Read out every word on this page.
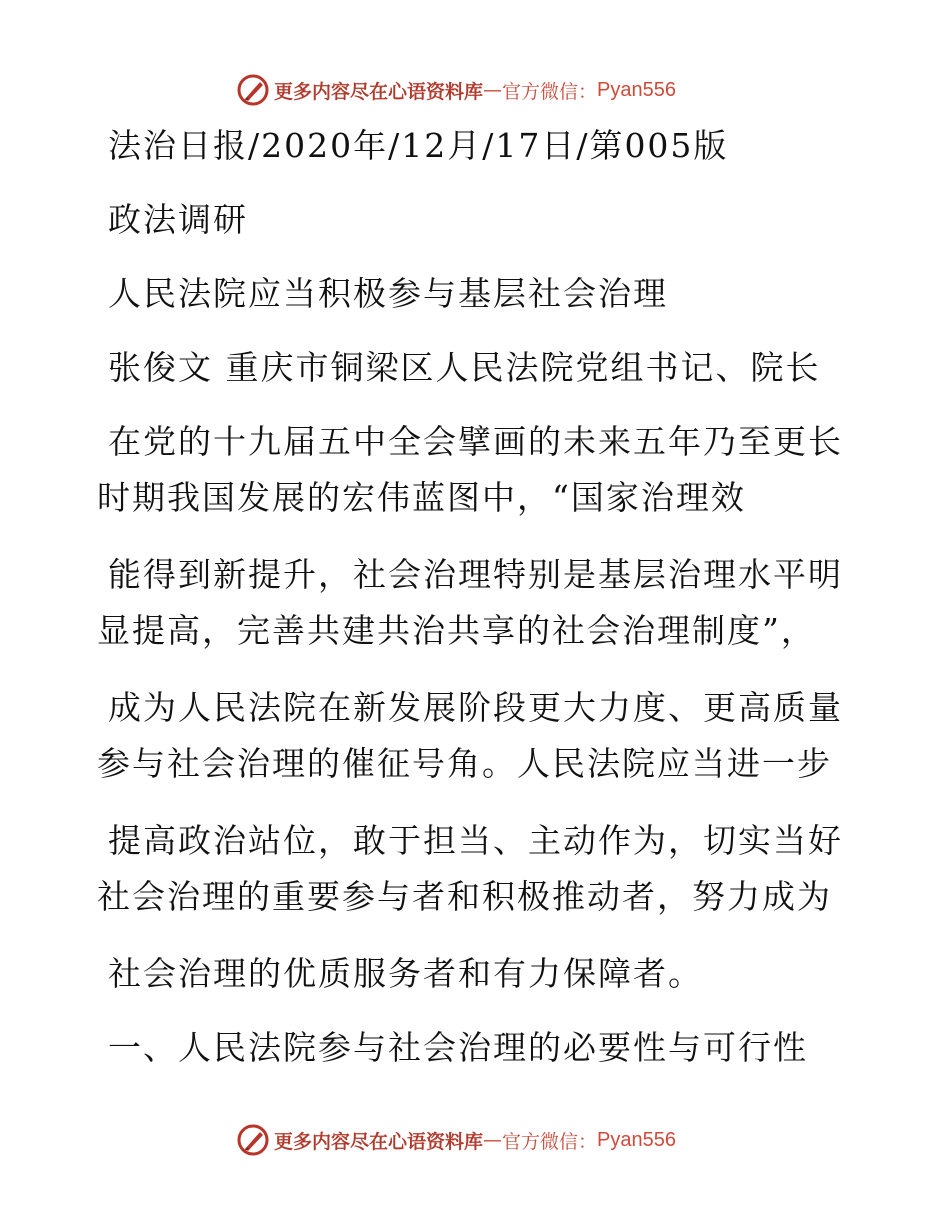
更多内容尽在心语资料库 — 官方微信： Pyan556
法治日报/2020年/12月/17日/第005版
政法调研
人民法院应当积极参与基层社会治理
张俊文 重庆市铜梁区人民法院党组书记、院长
在党的十九届五中全会擘画的未来五年乃至更长
时期我国发展的宏伟蓝图中，“国家治理效
能得到新提升，社会治理特别是基层治理水平明
显提高，完善共建共治共享的社会治理制度”，
成为人民法院在新发展阶段更大力度、更高质量
参与社会治理的催征号角。人民法院应当进一步
提高政治站位，敢于担当、主动作为，切实当好
社会治理的重要参与者和积极推动者，努力成为
社会治理的优质服务者和有力保障者。
一、人民法院参与社会治理的必要性与可行性
更多内容尽在心语资料库 — 官方微信： Pyan556
